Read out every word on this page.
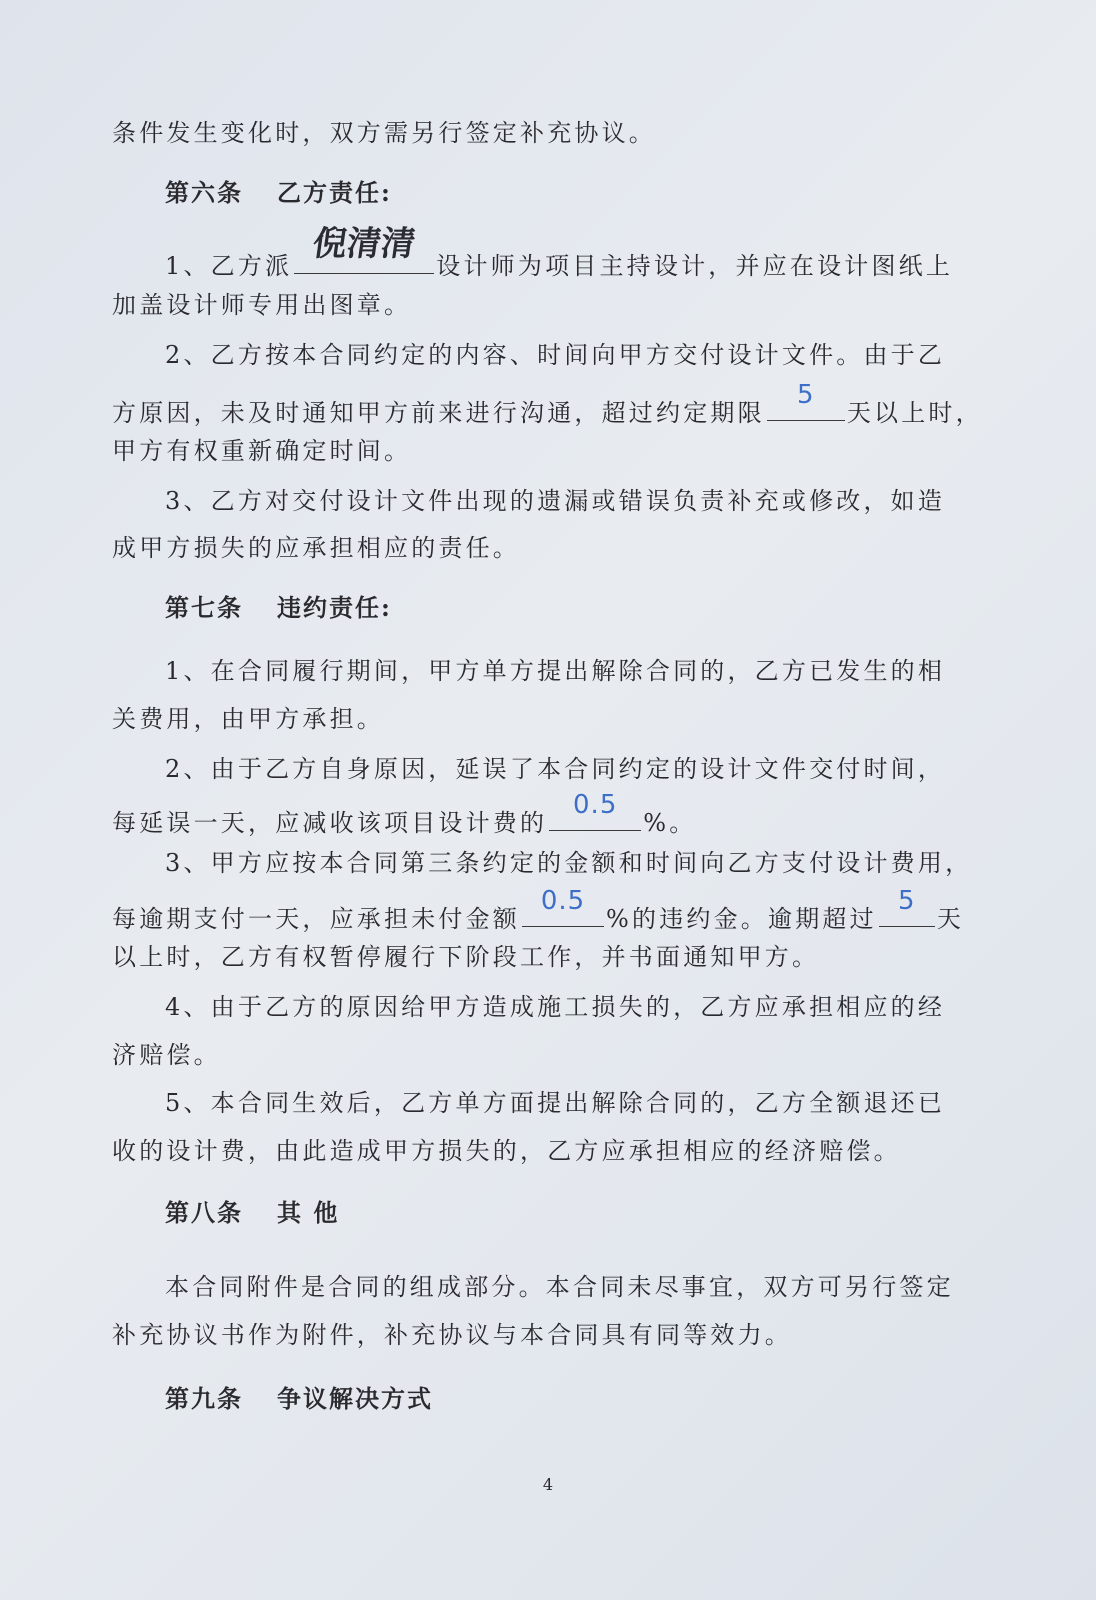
条件发生变化时，双方需另行签定补充协议。
第六条 乙方责任:
1、乙方派
倪清清
设计师为项目主持设计，并应在设计图纸上
加盖设计师专用出图章。
2、乙方按本合同约定的内容、时间向甲方交付设计文件。由于乙
方原因，未及时通知甲方前来进行沟通，超过约定期限
5
天以上时，
甲方有权重新确定时间。
3、乙方对交付设计文件出现的遗漏或错误负责补充或修改，如造
成甲方损失的应承担相应的责任。
第七条 违约责任:
1、在合同履行期间，甲方单方提出解除合同的，乙方已发生的相
关费用，由甲方承担。
2、由于乙方自身原因，延误了本合同约定的设计文件交付时间，
每延误一天，应减收该项目设计费的
0.5
%。
3、甲方应按本合同第三条约定的金额和时间向乙方支付设计费用，
每逾期支付一天，应承担未付金额
0.5
%的违约金。逾期超过
5
天
以上时，乙方有权暂停履行下阶段工作，并书面通知甲方。
4、由于乙方的原因给甲方造成施工损失的，乙方应承担相应的经
济赔偿。
5、本合同生效后，乙方单方面提出解除合同的，乙方全额退还已
收的设计费，由此造成甲方损失的，乙方应承担相应的经济赔偿。
第八条 其 他
本合同附件是合同的组成部分。本合同未尽事宜，双方可另行签定
补充协议书作为附件，补充协议与本合同具有同等效力。
第九条 争议解决方式
4
